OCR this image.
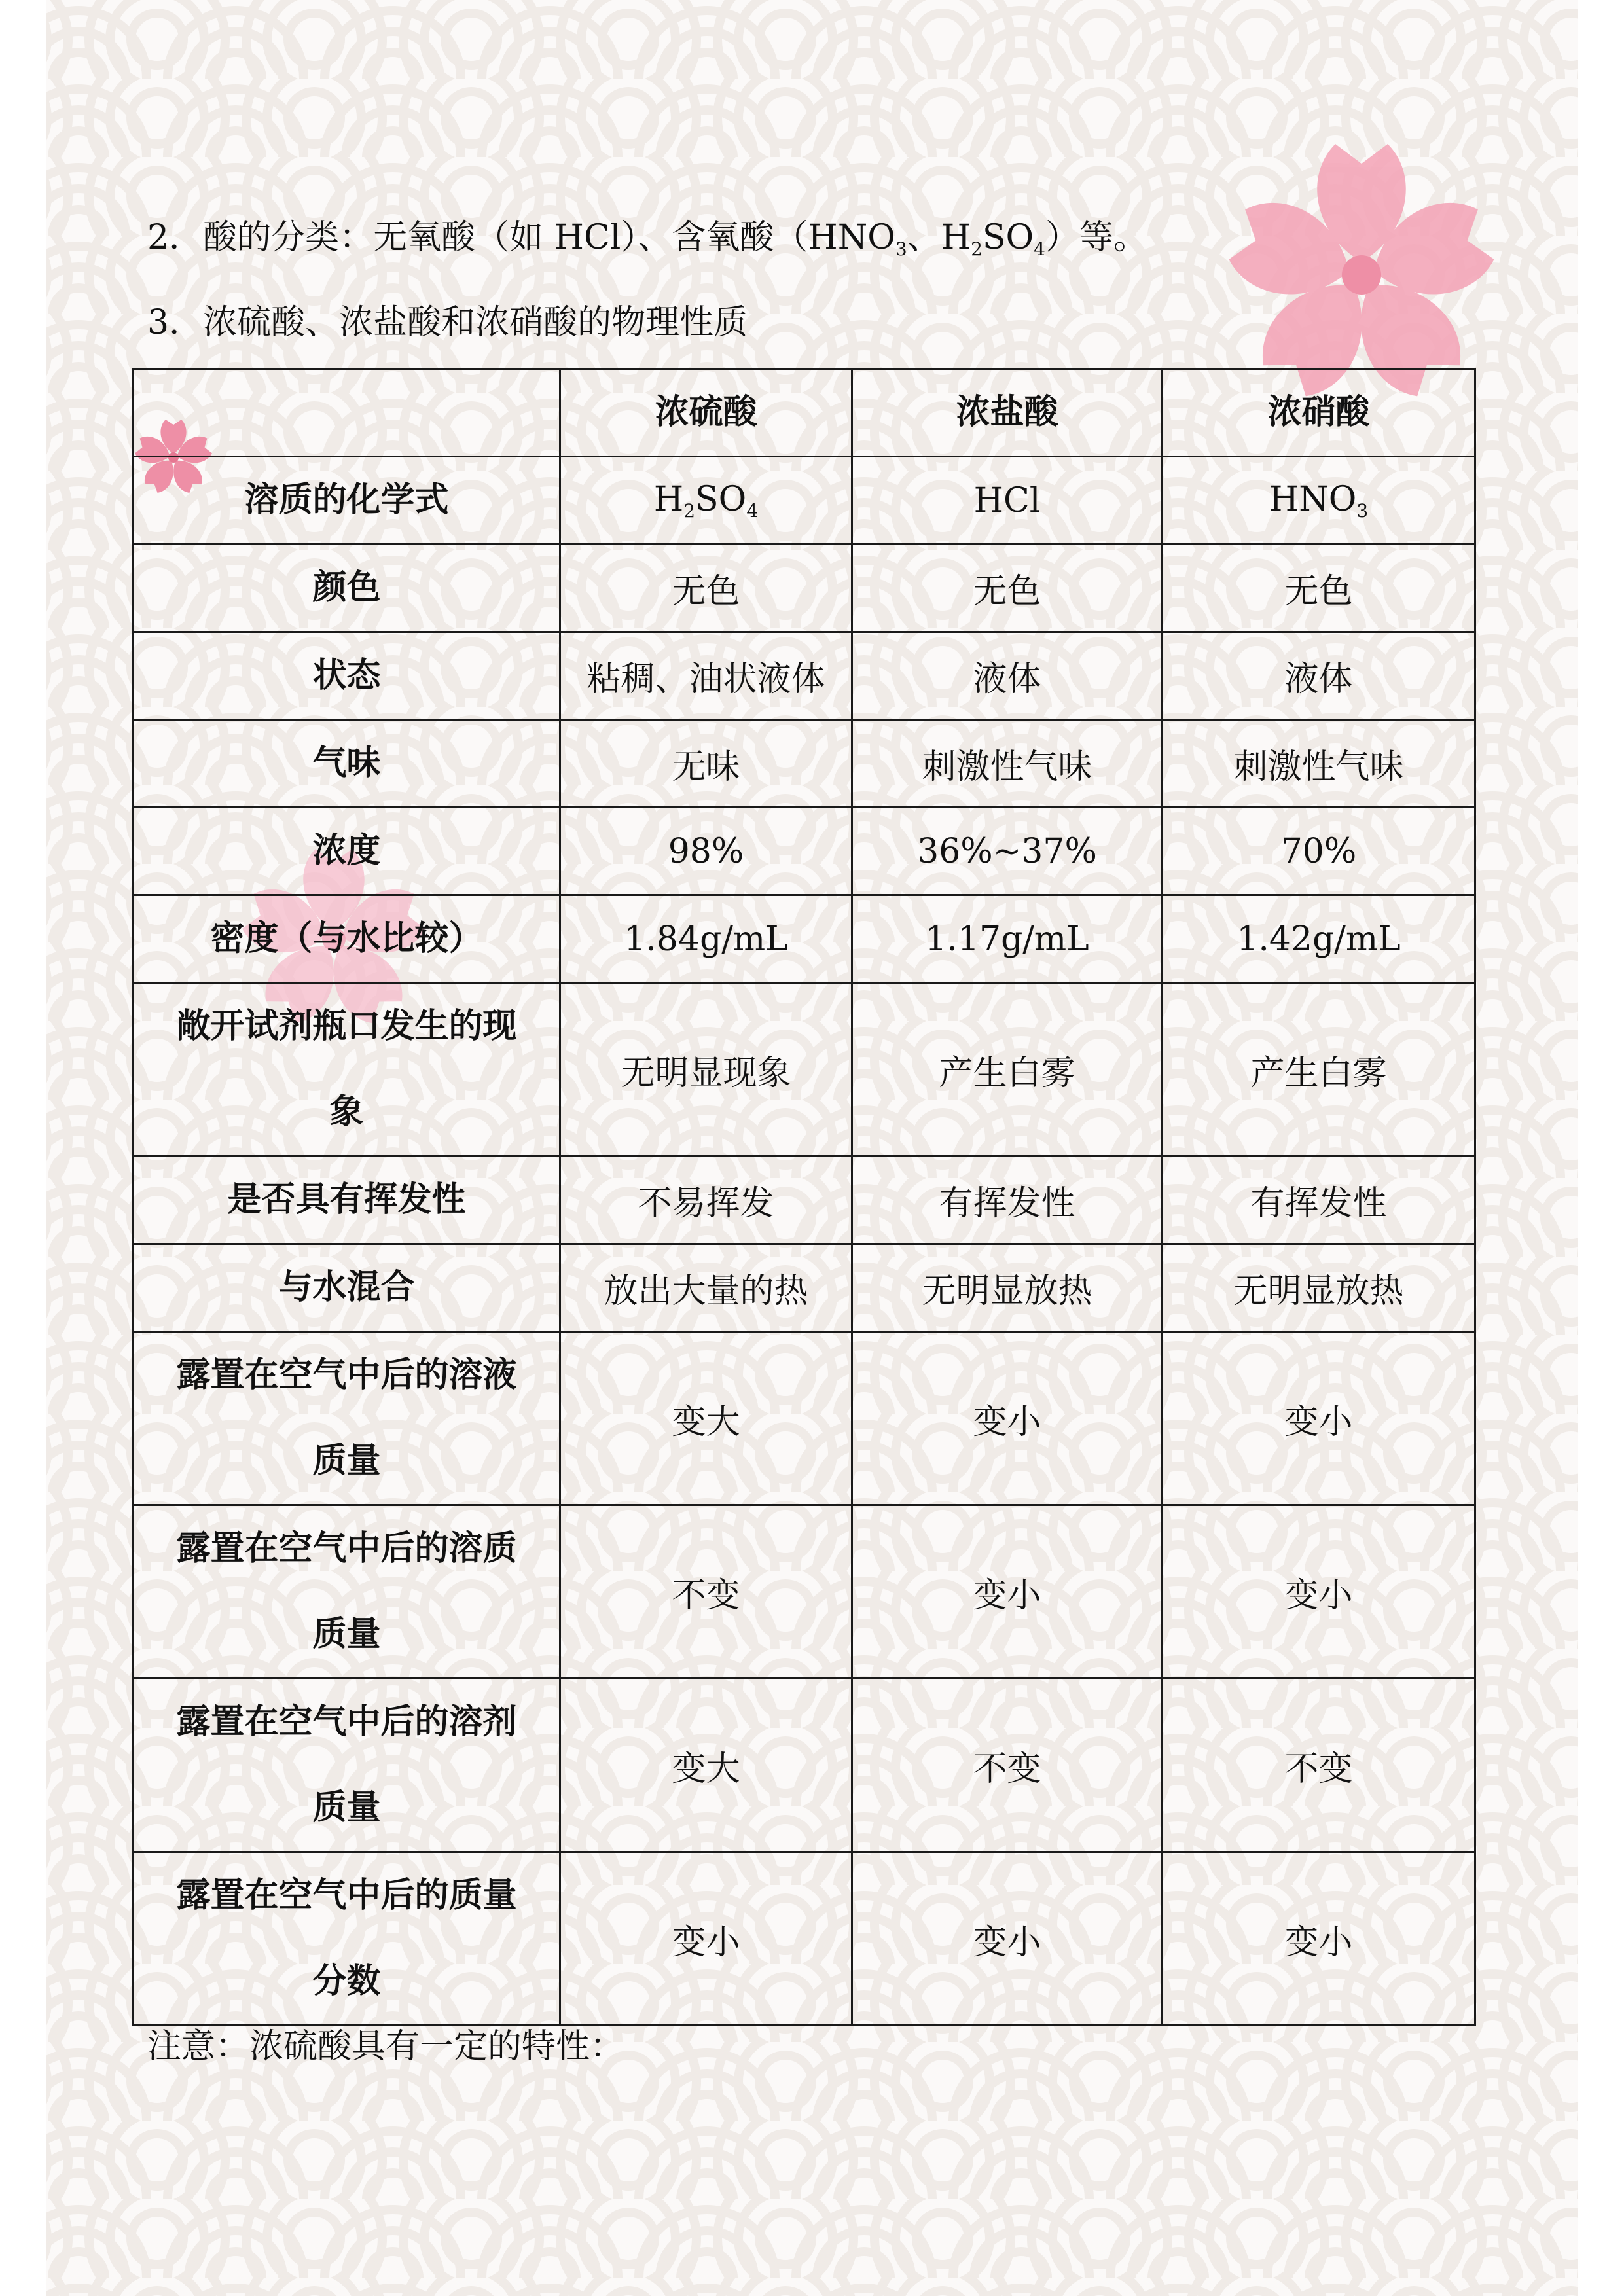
2．酸的分类：无氧酸（如 HCl）、含氧酸（$HNO_3$、$H_2SO_4$）等。
3．浓硫酸、浓盐酸和浓硝酸的物理性质
	浓硫酸	浓盐酸	浓硝酸
溶质的化学式	$H_2SO_4$	HCl	$HNO_3$
颜色	无色	无色	无色
状态	粘稠、油状液体	液体	液体
气味	无味	刺激性气味	刺激性气味
浓度	98%	36%~37%	70%
密度（与水比较）	1.84g/mL	1.17g/mL	1.42g/mL
敞开试剂瓶口发生的现
象	无明显现象	产生白雾	产生白雾
是否具有挥发性	不易挥发	有挥发性	有挥发性
与水混合	放出大量的热	无明显放热	无明显放热
露置在空气中后的溶液
质量	变大	变小	变小
露置在空气中后的溶质
质量	不变	变小	变小
露置在空气中后的溶剂
质量	变大	不变	不变
露置在空气中后的质量
分数	变小	变小	变小
注意：浓硫酸具有一定的特性：
